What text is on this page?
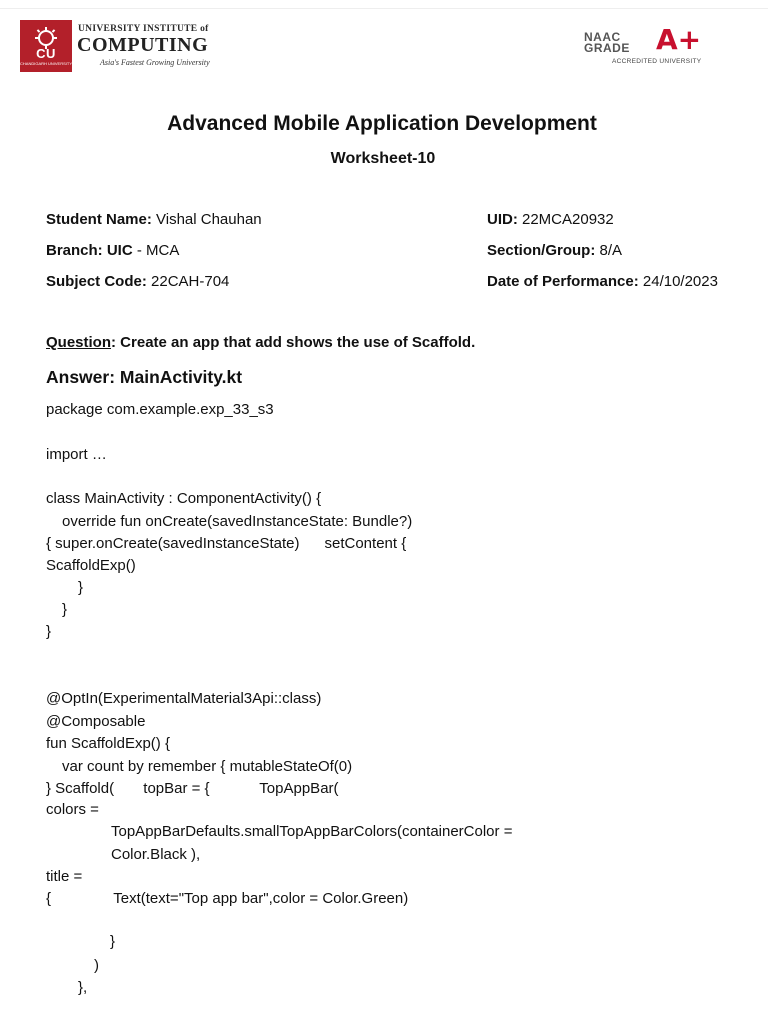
CU
CHANDIGARH UNIVERSITY
UNIVERSITY INSTITUTE of
COMPUTING
Asia's Fastest Growing University
NAAC
GRADE A+
ACCREDITED UNIVERSITY
Advanced Mobile Application Development
Worksheet-10
Student Name: Vishal Chauhan	UID: 22MCA20932
Branch: UIC - MCA	Section/Group: 8/A
Subject Code: 22CAH-704	Date of Performance: 24/10/2023
Question: Create an app that add shows the use of Scaffold.
Answer: MainActivity.kt
package com.example.exp_33_s3
import …
class MainActivity : ComponentActivity() {
override fun onCreate(savedInstanceState: Bundle?)
{ super.onCreate(savedInstanceState)      setContent {
ScaffoldExp()
}
}
}
@OptIn(ExperimentalMaterial3Api::class)
@Composable
fun ScaffoldExp() {
var count by remember { mutableStateOf(0)
} Scaffold(       topBar = {            TopAppBar(
colors =
TopAppBarDefaults.smallTopAppBarColors(containerColor =
Color.Black ),
title =
{               Text(text="Top app bar",color = Color.Green)
}
)
},
